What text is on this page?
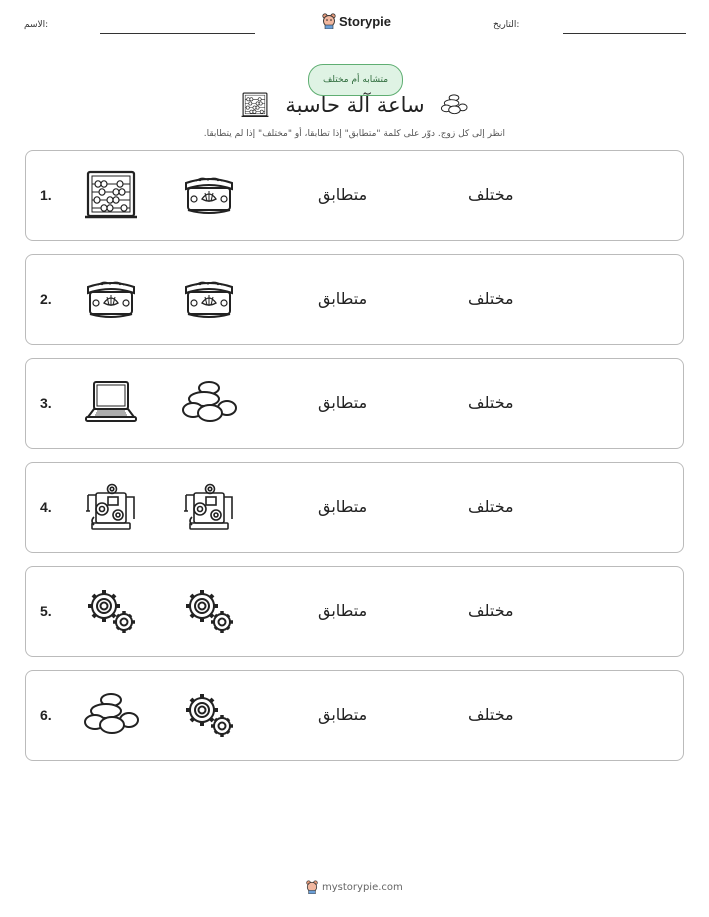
الاسم:	Storypie	التاريخ:
متشابه أم مختلف
ساعة آلة حاسبة
انظر إلى كل زوج. دوّر على كلمة "متطابق" إذا تطابقا، أو "مختلف" إذا لم يتطابقا.
1.	متطابق	مختلف
2.	متطابق	مختلف
3.	متطابق	مختلف
4.	متطابق	مختلف
5.	متطابق	مختلف
6.	متطابق	مختلف
mystorypie.com
